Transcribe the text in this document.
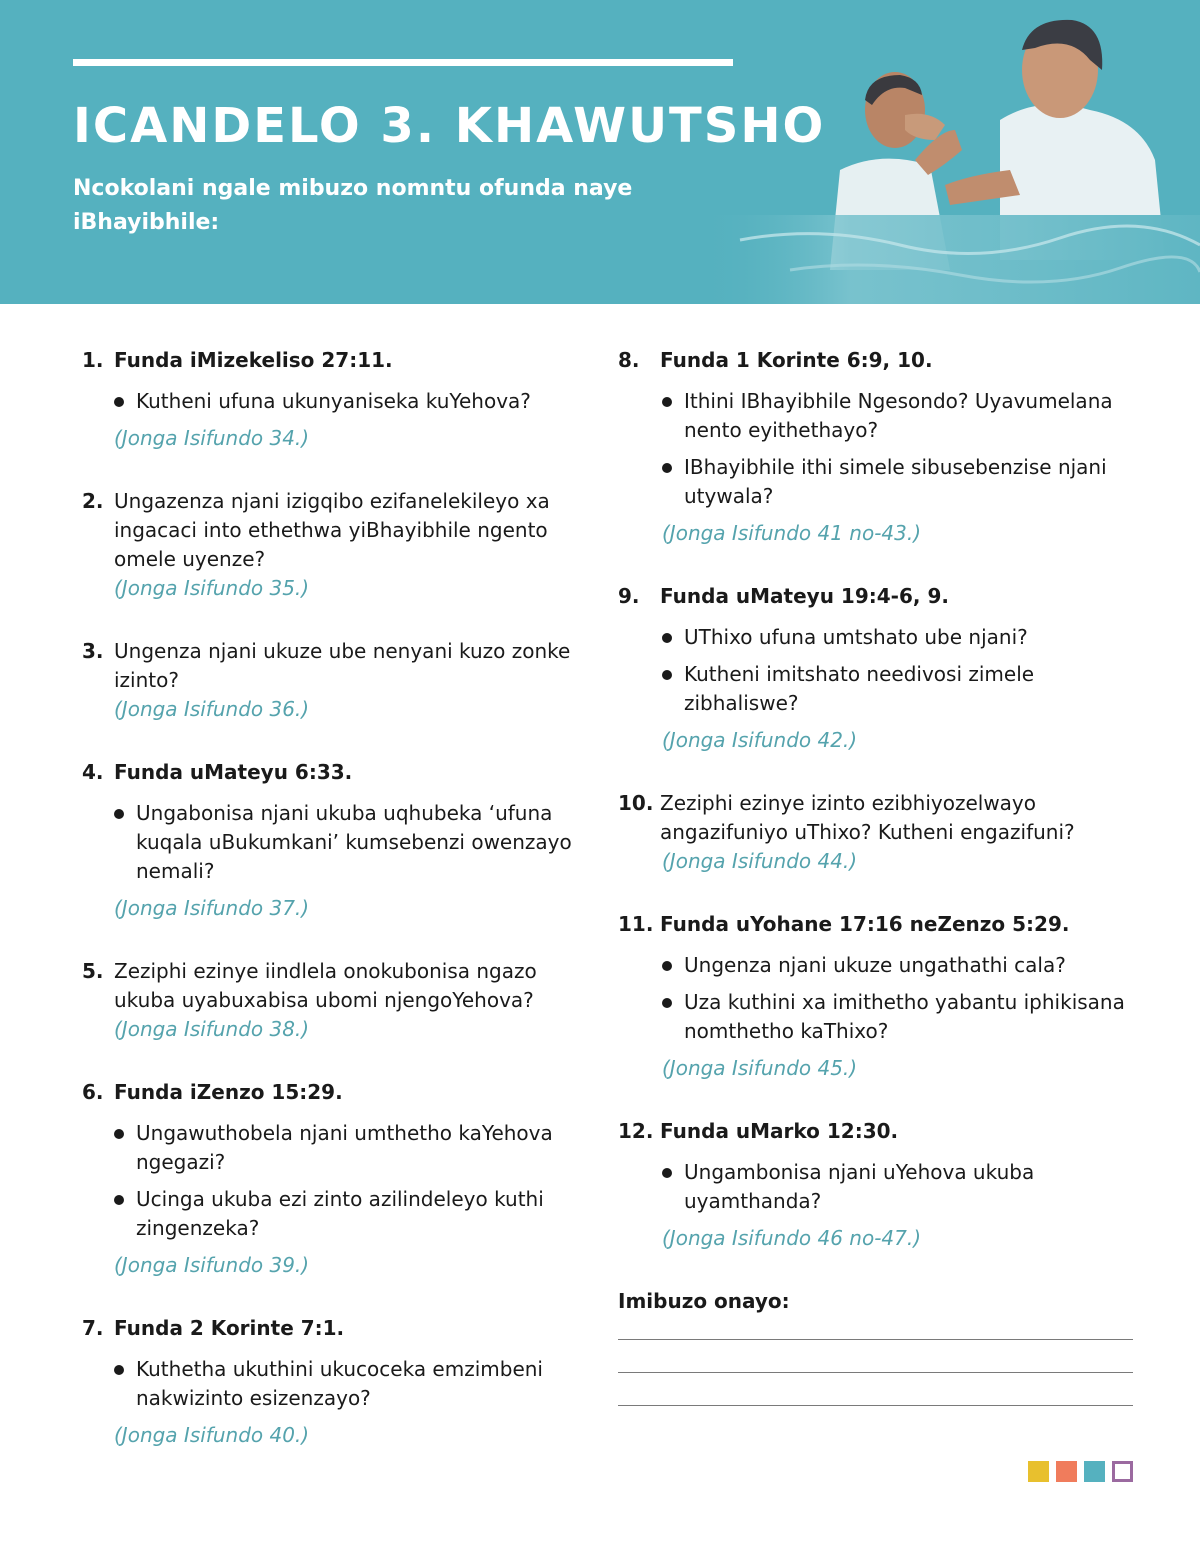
ICANDELO 3. KHAWUTSHO

Ncokolani ngale mibuzo nomntu ofunda naye iBhayibhile:

1. Funda iMizekeliso 27:11.
Kutheni ufuna ukunyaniseka kuYehova?
(Jonga Isifundo 34.)
2. Ungazenza njani izigqibo ezifanelekileyo xa ingacaci into ethethwa yiBhayibhile ngento omele uyenze?
(Jonga Isifundo 35.)
3. Ungenza njani ukuze ube nenyani kuzo zonke izinto?
(Jonga Isifundo 36.)
4. Funda uMateyu 6:33.
Ungabonisa njani ukuba uqhubeka ‘ufuna kuqala uBukumkani’ kumsebenzi owenzayo nemali?
(Jonga Isifundo 37.)
5. Zeziphi ezinye iindlela onokubonisa ngazo ukuba uyabuxabisa ubomi njengoYehova?
(Jonga Isifundo 38.)
6. Funda iZenzo 15:29.
Ungawuthobela njani umthetho kaYehova ngegazi?
Ucinga ukuba ezi zinto azilindeleyo kuthi zingenzeka?
(Jonga Isifundo 39.)
7. Funda 2 Korinte 7:1.
Kuthetha ukuthini ukucoceka emzimbeni nakwizinto esizenzayo?
(Jonga Isifundo 40.)
8.	Funda 1 Korinte 6:9, 10.
Ithini IBhayibhile Ngesondo? Uyavumelana nento eyithethayo?
IBhayibhile ithi simele sibusebenzise njani utywala?
(Jonga Isifundo 41 no-43.)
9.	Funda uMateyu 19:4-6, 9.
UThixo ufuna umtshato ube njani?
Kutheni imitshato needivosi zimele zibhaliswe?
(Jonga Isifundo 42.)
10. Zeziphi ezinye izinto ezibhiyozelwayo angazifuniyo uThixo? Kutheni engazifuni?
(Jonga Isifundo 44.)
11. Funda uYohane 17:16 neZenzo 5:29.
Ungenza njani ukuze ungathathi cala?
Uza kuthini xa imithetho yabantu iphikisana nomthetho kaThixo?
(Jonga Isifundo 45.)
12. Funda uMarko 12:30.
Ungambonisa njani uYehova ukuba uyamthanda?
(Jonga Isifundo 46 no-47.)
Imibuzo onayo:
